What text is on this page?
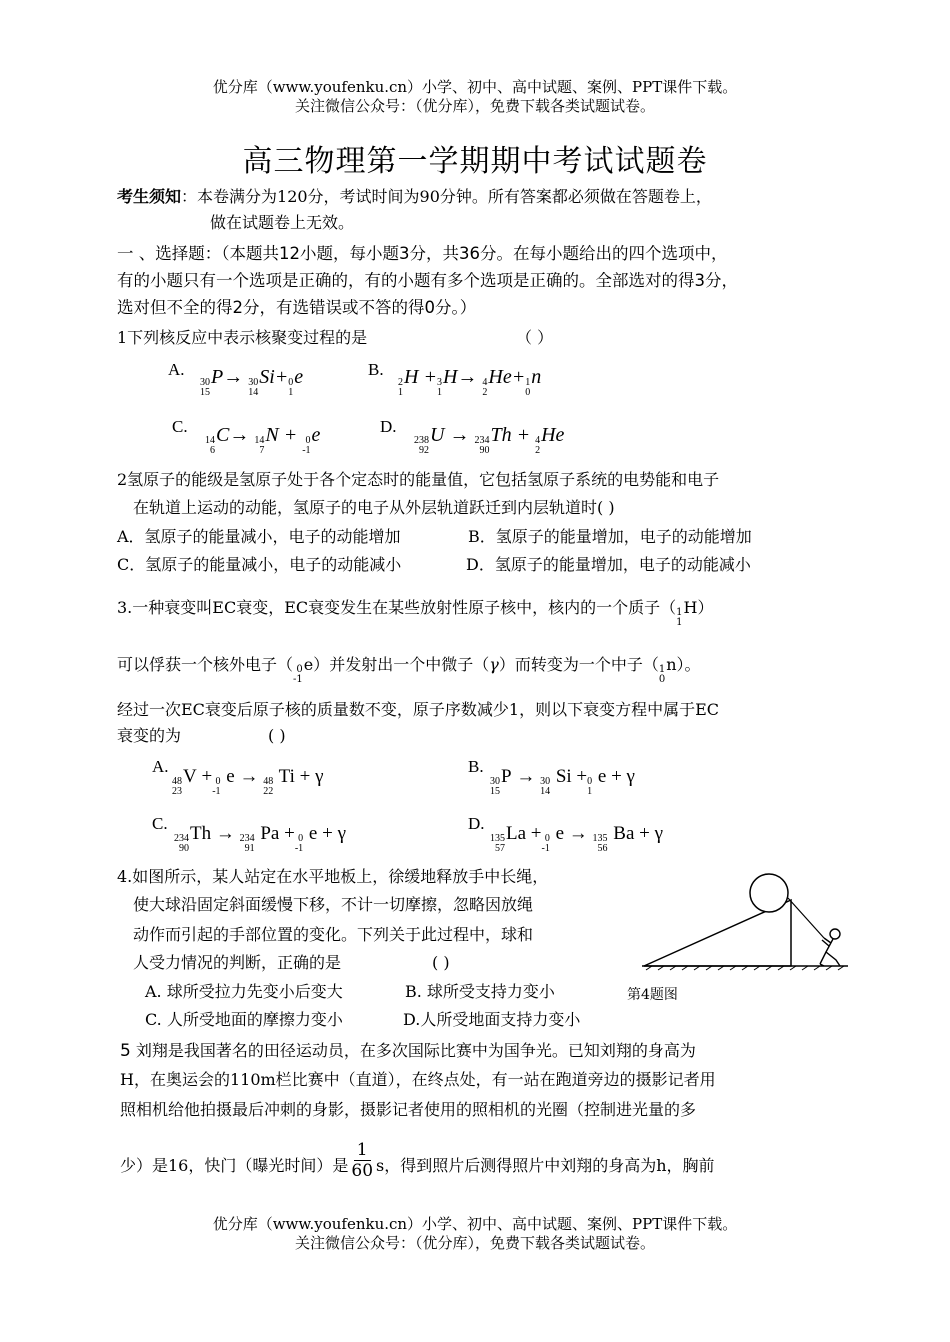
优分库（www.youfenku.cn）小学、初中、高中试题、案例、PPT课件下载。
关注微信公众号：（优分库），免费下载各类试题试卷。
高三物理第一学期期中考试试题卷
考生须知：本卷满分为120分，考试时间为90分钟。所有答案都必须做在答题卷上，
做在试题卷上无效。
一 、选择题：（本题共12小题，每小题3分，共36分。在每小题给出的四个选项中，
有的小题只有一个选项是正确的，有的小题有多个选项是正确的。全部选对的得3分，
选对但不全的得2分，有选错误或不答的得0分。）
1下列核反应中表示核聚变过程的是	（ ）
A.
30
15
P→ 30
14
Si+ 0
1
e	B.
2
1
H + 3
1
H→ 4
2
He+ 1
0
n
C.
14
6
C→ 14
7
N + 0
-1
e	D.
238
92
U → 234
90
Th + 4
2
He
2氢原子的能级是氢原子处于各个定态时的能量值，它包括氢原子系统的电势能和电子
在轨道上运动的动能，氢原子的电子从外层轨道跃迁到内层轨道时( )
A．氢原子的能量减小，电子的动能增加	B．氢原子的能量增加，电子的动能增加
C．氢原子的能量减小，电子的动能减小	D．氢原子的能量增加，电子的动能减小
3.一种衰变叫EC衰变，EC衰变发生在某些放射性原子核中，核内的一个质子（ 1
1
H）
可以俘获一个核外电子（ 0
-1
e）并发射出一个中微子（γ）而转变为一个中子（ 1
0
n）。
经过一次EC衰变后原子核的质量数不变，原子序数减少1，则以下衰变方程中属于EC
衰变的为	( )
A.
48
23
V + 0
-1
e → 48
22
Ti + γ	B.
30
15
P → 30
14
Si + 0
1
e + γ
C.
234
90
Th → 234
91
Pa + 0
-1
e + γ	D.
135
57
La + 0
-1
e → 135
56
Ba + γ
4.如图所示，某人站定在水平地板上，徐缓地释放手中长绳，
使大球沿固定斜面缓慢下移，不计一切摩擦，忽略因放绳
动作而引起的手部位置的变化。下列关于此过程中，球和
人受力情况的判断，正确的是	( )
A. 球所受拉力先变小后变大	B. 球所受支持力变小
C. 人所受地面的摩擦力变小	D.人所受地面支持力变小
第4题图
5 刘翔是我国著名的田径运动员，在多次国际比赛中为国争光。已知刘翔的身高为
H，在奥运会的110m栏比赛中（直道），在终点处，有一站在跑道旁边的摄影记者用
照相机给他拍摄最后冲刺的身影，摄影记者使用的照相机的光圈（控制进光量的多
少）是16，快门（曝光时间）是 $\frac{1}{60}$ s，得到照片后测得照片中刘翔的身高为h，胸前
优分库（www.youfenku.cn）小学、初中、高中试题、案例、PPT课件下载。
关注微信公众号：（优分库），免费下载各类试题试卷。
